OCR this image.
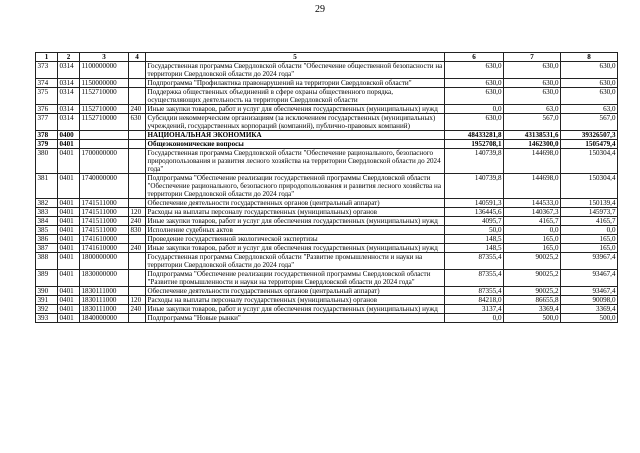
29
1	2	3	4	5	6	7	8
373	0314	1100000000		Государственная программа Свердловской области "Обеспечение общественной безопасности на территории Свердловской области до 2024 года"	630,0	630,0	630,0
374	0314	1150000000		Подпрограмма "Профилактика правонарушений на территории Свердловской области"	630,0	630,0	630,0
375	0314	1152710000		Поддержка общественных объединений в сфере охраны общественного порядка, осуществляющих деятельность на территории Свердловской области	630,0	630,0	630,0
376	0314	1152710000	240	Иные закупки товаров, работ и услуг для обеспечения государственных (муниципальных) нужд	0,0	63,0	63,0
377	0314	1152710000	630	Субсидии некоммерческим организациям (за исключением государственных (муниципальных) учреждений, государственных корпораций (компаний), публично-правовых компаний)	630,0	567,0	567,0
378	0400			НАЦИОНАЛЬНАЯ ЭКОНОМИКА	48433281,8	43138531,6	39326507,3
379	0401			Общеэкономические вопросы	1952708,1	1462300,0	1505479,4
380	0401	1700000000		Государственная программа Свердловской области "Обеспечение рационального, безопасного природопользования и развития лесного хозяйства на территории Свердловской области до 2024 года"	140739,8	144698,0	150304,4
381	0401	1740000000		Подпрограмма "Обеспечение реализации государственной программы Свердловской области "Обеспечение рационального, безопасного природопользования и развития лесного хозяйства на территории Свердловской области до 2024 года"	140739,8	144698,0	150304,4
382	0401	1741511000		Обеспечение деятельности государственных органов (центральный аппарат)	140591,3	144533,0	150139,4
383	0401	1741511000	120	Расходы на выплаты персоналу государственных (муниципальных) органов	136445,6	140367,3	145973,7
384	0401	1741511000	240	Иные закупки товаров, работ и услуг для обеспечения государственных (муниципальных) нужд	4095,7	4165,7	4165,7
385	0401	1741511000	830	Исполнение судебных актов	50,0	0,0	0,0
386	0401	1741610000		Проведение государственной экологической экспертизы	148,5	165,0	165,0
387	0401	1741610000	240	Иные закупки товаров, работ и услуг для обеспечения государственных (муниципальных) нужд	148,5	165,0	165,0
388	0401	1800000000		Государственная программа Свердловской области "Развитие промышленности и науки на территории Свердловской области до 2024 года"	87355,4	90025,2	93967,4
389	0401	1830000000		Подпрограмма "Обеспечение реализации государственной программы Свердловской области "Развитие промышленности и науки на территории Свердловской области до 2024 года"	87355,4	90025,2	93467,4
390	0401	1830111000		Обеспечение деятельности государственных органов (центральный аппарат)	87355,4	90025,2	93467,4
391	0401	1830111000	120	Расходы на выплаты персоналу государственных (муниципальных) органов	84218,0	86655,8	90098,0
392	0401	1830111000	240	Иные закупки товаров, работ и услуг для обеспечения государственных (муниципальных) нужд	3137,4	3369,4	3369,4
393	0401	1840000000		Подпрограмма "Новые рынки"	0,0	500,0	500,0
